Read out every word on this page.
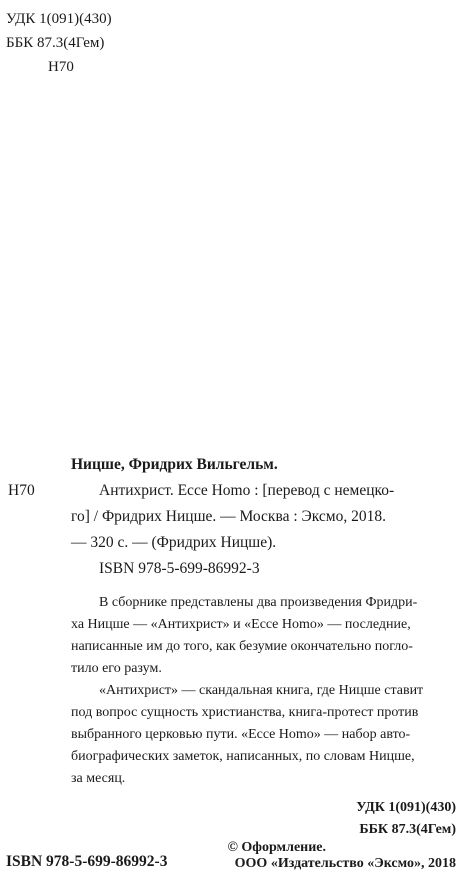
УДК 1(091)(430)
ББК 87.3(4Гем)
Н70
Ницше, Фридрих Вильгельм.
Н70	Антихрист. Ecce Homo : [перевод с немецко-
го] / Фридрих Ницше. — Москва : Эксмо, 2018.
— 320 с. — (Фридрих Ницше).
ISBN 978-5-699-86992-3
В сборнике представлены два произведения Фридри-
ха Ницше — «Антихрист» и «Ecce Homo» — последние,
написанные им до того, как безумие окончательно погло-
тило его разум.
«Антихрист» — скандальная книга, где Ницше ставит
под вопрос сущность христианства, книга-протест против
выбранного церковью пути. «Ecce Homo» — набор авто-
биографических заметок, написанных, по словам Ницше,
за месяц.
УДК 1(091)(430)
ББК 87.3(4Гем)
© Оформление.
ISBN 978-5-699-86992-3	ООО «Издательство «Эксмо», 2018
